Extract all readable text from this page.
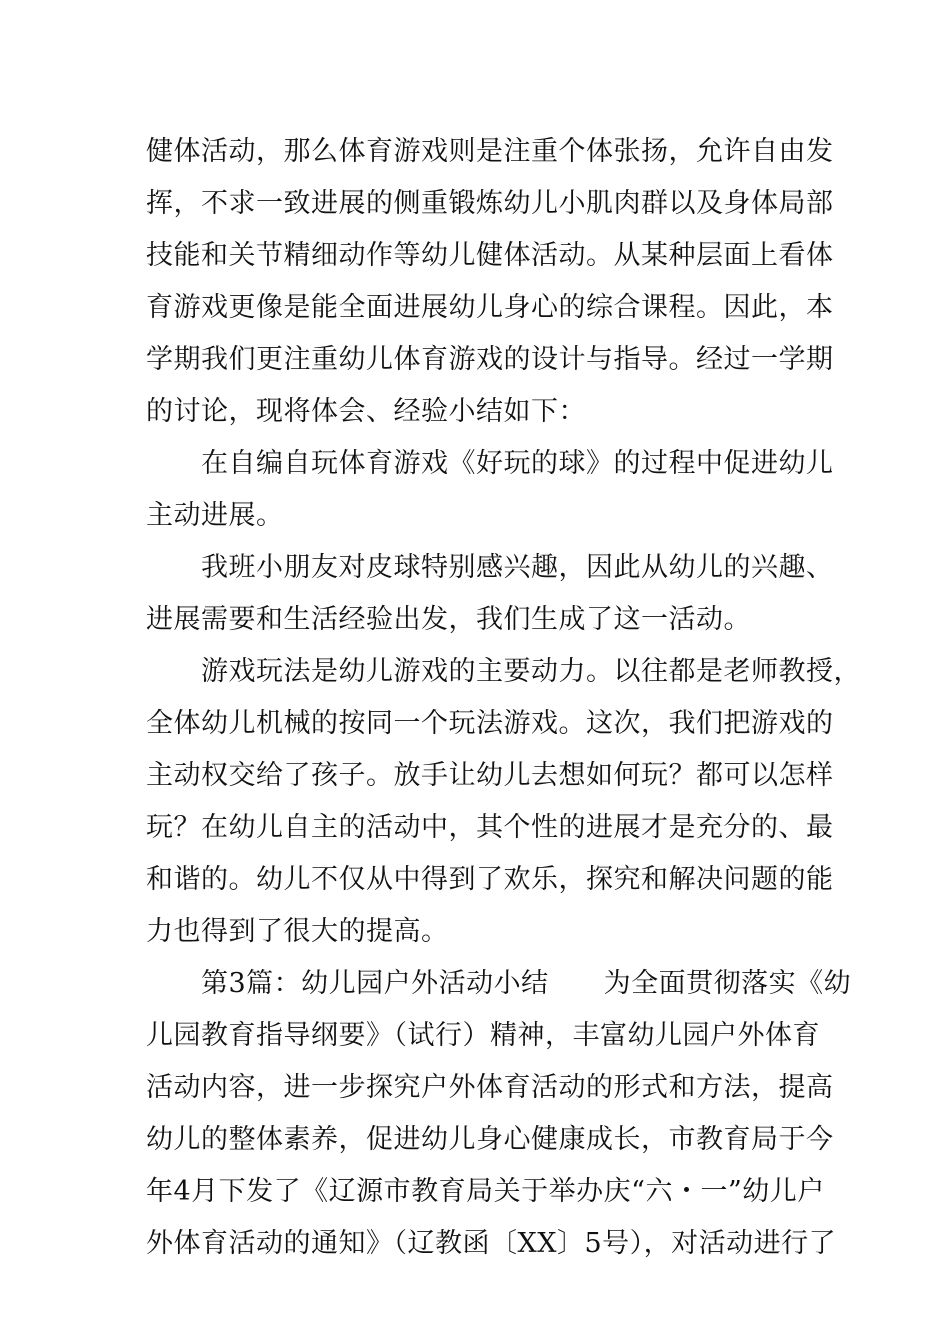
健体活动，那么体育游戏则是注重个体张扬，允许自由发
挥，不求一致进展的侧重锻炼幼儿小肌肉群以及身体局部
技能和关节精细动作等幼儿健体活动。从某种层面上看体
育游戏更像是能全面进展幼儿身心的综合课程。因此，本
学期我们更注重幼儿体育游戏的设计与指导。经过一学期
的讨论，现将体会、经验小结如下：
　　在自编自玩体育游戏《好玩的球》的过程中促进幼儿
主动进展。
　　我班小朋友对皮球特别感兴趣，因此从幼儿的兴趣、
进展需要和生活经验出发，我们生成了这一活动。
　　游戏玩法是幼儿游戏的主要动力。以往都是老师教授，
全体幼儿机械的按同一个玩法游戏。这次，我们把游戏的
主动权交给了孩子。放手让幼儿去想如何玩？都可以怎样
玩？在幼儿自主的活动中，其个性的进展才是充分的、最
和谐的。幼儿不仅从中得到了欢乐，探究和解决问题的能
力也得到了很大的提高。
　　第3篇：幼儿园户外活动小结　　为全面贯彻落实《幼
儿园教育指导纲要》（试行）精神，丰富幼儿园户外体育
活动内容，进一步探究户外体育活动的形式和方法，提高
幼儿的整体素养，促进幼儿身心健康成长，市教育局于今
年4月下发了《辽源市教育局关于举办庆“六・一”幼儿户
外体育活动的通知》（辽教函〔XX〕5号），对活动进行了
